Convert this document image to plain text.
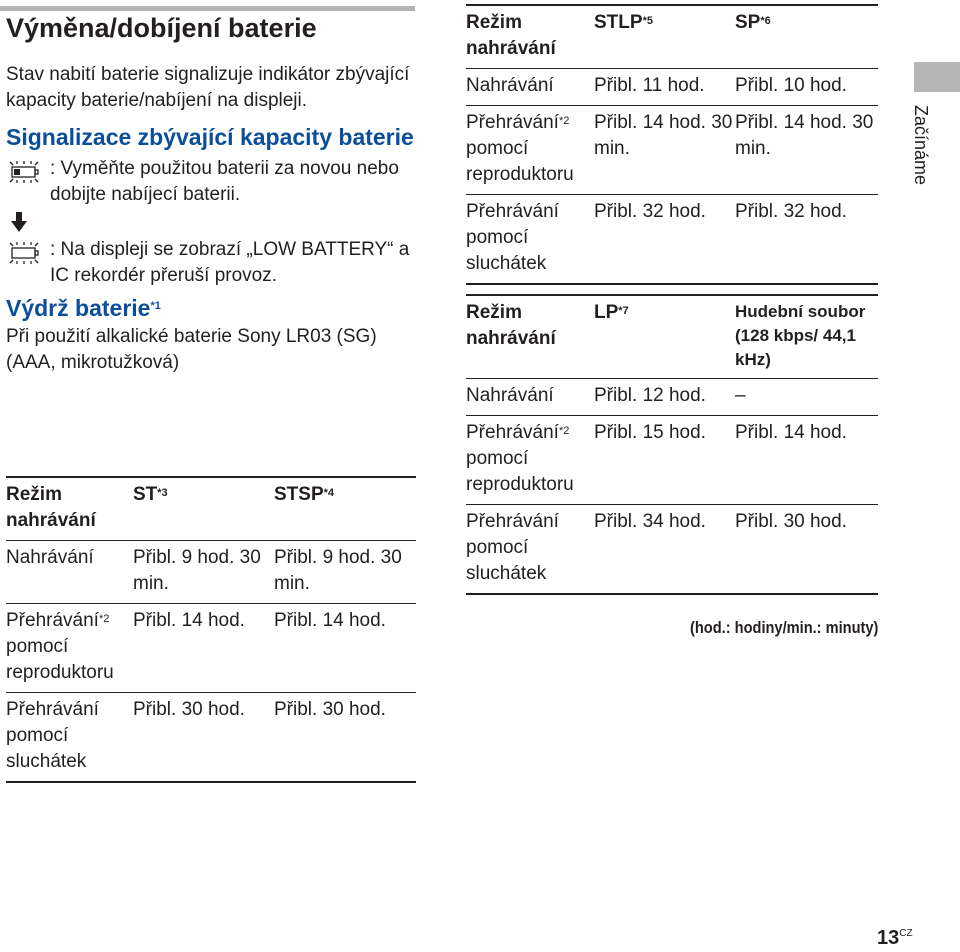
Výměna/dobíjení baterie

Stav nabití baterie signalizuje indikátor zbývající kapacity baterie/nabíjení na displeji.

Signalizace zbývající kapacity baterie
: Vyměňte použitou baterii za novou nebo dobijte nabíjecí baterii.
: Na displeji se zobrazí „LOW BATTERY“ a IC rekordér přeruší provoz.
Výdrž baterie$^{*1}$

Při použití alkalické baterie Sony LR03 (SG) (AAA, mikrotužková)

Režim nahrávání	ST$^{*3}$	STSP$^{*4}$
Nahrávání	Přibl. 9 hod. 30 min.	Přibl. 9 hod. 30 min.
Přehrávání$^{*2}$ pomocí reproduktoru	Přibl. 14 hod.	Přibl. 14 hod.
Přehrávání pomocí sluchátek	Přibl. 30 hod.	Přibl. 30 hod.
Režim nahrávání	STLP$^{*5}$	SP$^{*6}$
Nahrávání	Přibl. 11 hod.	Přibl. 10 hod.
Přehrávání$^{*2}$ pomocí reproduktoru	Přibl. 14 hod. 30 min.	Přibl. 14 hod. 30 min.
Přehrávání pomocí sluchátek	Přibl. 32 hod.	Přibl. 32 hod.
Režim nahrávání	LP$^{*7}$	Hudební soubor (128 kbps/ 44,1 kHz)
Nahrávání	Přibl. 12 hod.	–
Přehrávání$^{*2}$ pomocí reproduktoru	Přibl. 15 hod.	Přibl. 14 hod.
Přehrávání pomocí sluchátek	Přibl. 34 hod.	Přibl. 30 hod.
(hod.: hodiny/min.: minuty)
Začínáme
$13^{CZ}$
